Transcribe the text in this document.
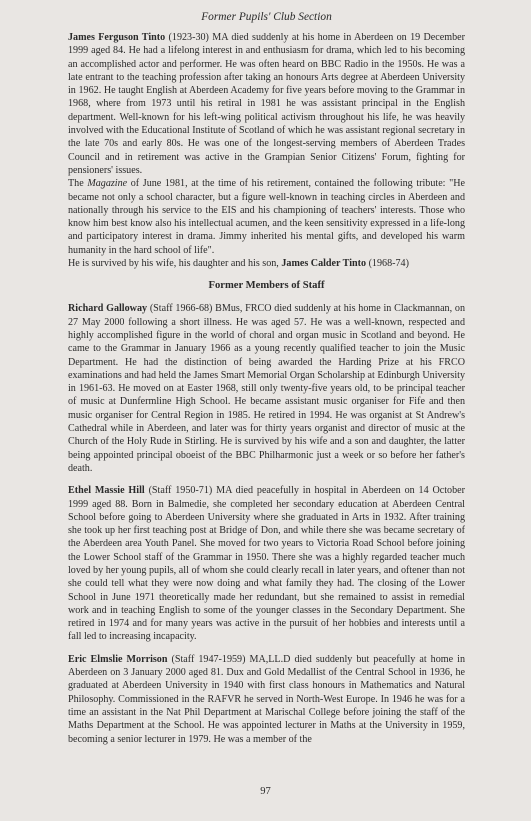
Former Pupils' Club Section

James Ferguson Tinto (1923-30) MA died suddenly at his home in Aberdeen on 19 December 1999 aged 84. He had a lifelong interest in and enthusiasm for drama, which led to his becoming an accomplished actor and performer. He was often heard on BBC Radio in the 1950s. He was a late entrant to the teaching profession after taking an honours Arts degree at Aberdeen University in 1962. He taught English at Aberdeen Academy for five years before moving to the Grammar in 1968, where from 1973 until his retiral in 1981 he was assistant principal in the English department. Well-known for his left-wing political activism throughout his life, he was heavily involved with the Educational Institute of Scotland of which he was assistant regional secretary in the late 70s and early 80s. He was one of the longest-serving members of Aberdeen Trades Council and in retirement was active in the Grampian Senior Citizens' Forum, fighting for pensioners' issues.

The Magazine of June 1981, at the time of his retirement, contained the following tribute: "He became not only a school character, but a figure well-known in teaching circles in Aberdeen and nationally through his service to the EIS and his championing of teachers' interests. Those who know him best know also his intellectual acumen, and the keen sensitivity expressed in a life-long and participatory interest in drama. Jimmy inherited his mental gifts, and developed his warm humanity in the hard school of life".

He is survived by his wife, his daughter and his son, James Calder Tinto (1968-74)

Former Members of Staff

Richard Galloway (Staff 1966-68) BMus, FRCO died suddenly at his home in Clackmannan, on 27 May 2000 following a short illness. He was aged 57. He was a well-known, respected and highly accomplished figure in the world of choral and organ music in Scotland and beyond. He came to the Grammar in January 1966 as a young recently qualified teacher to join the Music Department. He had the distinction of being awarded the Harding Prize at his FRCO examinations and had held the James Smart Memorial Organ Scholarship at Edinburgh University in 1961-63. He moved on at Easter 1968, still only twenty-five years old, to be principal teacher of music at Dunfermline High School. He became assistant music organiser for Fife and then music organiser for Central Region in 1985. He retired in 1994. He was organist at St Andrew's Cathedral while in Aberdeen, and later was for thirty years organist and director of music at the Church of the Holy Rude in Stirling. He is survived by his wife and a son and daughter, the latter being appointed principal oboeist of the BBC Philharmonic just a week or so before her father's death.

Ethel Massie Hill (Staff 1950-71) MA died peacefully in hospital in Aberdeen on 14 October 1999 aged 88. Born in Balmedie, she completed her secondary education at Aberdeen Central School before going to Aberdeen University where she graduated in Arts in 1932. After training she took up her first teaching post at Bridge of Don, and while there she was became secretary of the Aberdeen area Youth Panel. She moved for two years to Victoria Road School before joining the Lower School staff of the Grammar in 1950. There she was a highly regarded teacher much loved by her young pupils, all of whom she could clearly recall in later years, and oftener than not she could tell what they were now doing and what family they had. The closing of the Lower School in June 1971 theoretically made her redundant, but she remained to assist in remedial work and in teaching English to some of the younger classes in the Secondary Department. She retired in 1974 and for many years was active in the pursuit of her hobbies and interests until a fall led to increasing incapacity.

Eric Elmslie Morrison (Staff 1947-1959) MA,LL.D died suddenly but peacefully at home in Aberdeen on 3 January 2000 aged 81. Dux and Gold Medallist of the Central School in 1936, he graduated at Aberdeen University in 1940 with first class honours in Mathematics and Natural Philosophy. Commissioned in the RAFVR he served in North-West Europe. In 1946 he was for a time an assistant in the Nat Phil Department at Marischal College before joining the staff of the Maths Department at the School. He was appointed lecturer in Maths at the University in 1959, becoming a senior lecturer in 1979. He was a member of the

97
